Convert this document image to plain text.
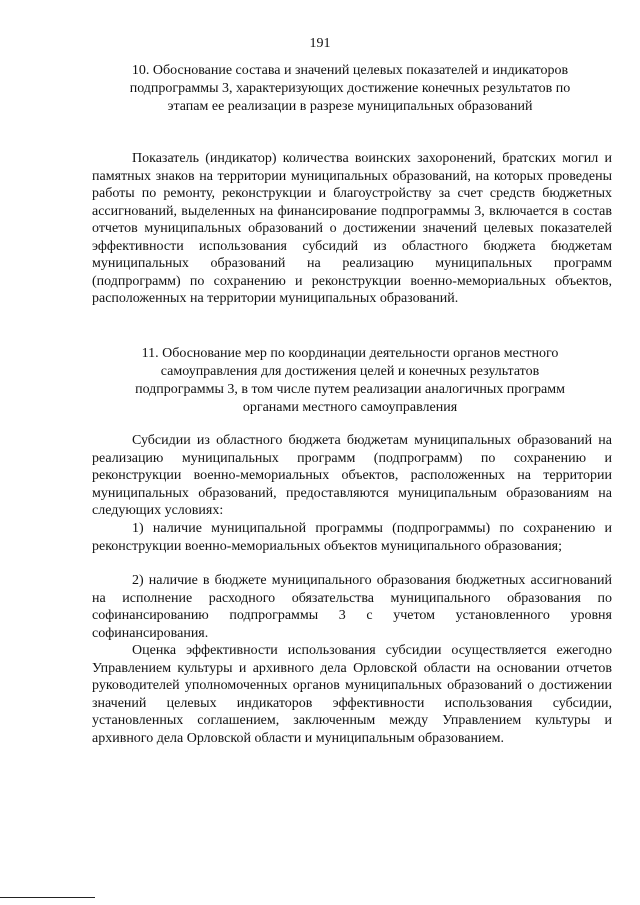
191
10. Обоснование состава и значений целевых показателей и индикаторов подпрограммы 3, характеризующих достижение конечных результатов по этапам ее реализации в разрезе муниципальных образований
Показатель (индикатор) количества воинских захоронений, братских могил и памятных знаков на территории муниципальных образований, на которых проведены работы по ремонту, реконструкции и благоустройству за счет средств бюджетных ассигнований, выделенных на финансирование подпрограммы 3, включается в состав отчетов муниципальных образований о достижении значений целевых показателей эффективности использования субсидий из областного бюджета бюджетам муниципальных образований на реализацию муниципальных программ (подпрограмм) по сохранению и реконструкции военно-мемориальных объектов, расположенных на территории муниципальных образований.
11. Обоснование мер по координации деятельности органов местного самоуправления для достижения целей и конечных результатов подпрограммы 3, в том числе путем реализации аналогичных программ органами местного самоуправления
Субсидии из областного бюджета бюджетам муниципальных образований на реализацию муниципальных программ (подпрограмм) по сохранению и реконструкции военно-мемориальных объектов, расположенных на территории муниципальных образований, предоставляются муниципальным образованиям на следующих условиях:
1) наличие муниципальной программы (подпрограммы) по сохранению и реконструкции военно-мемориальных объектов муниципального образования;
2) наличие в бюджете муниципального образования бюджетных ассигнований на исполнение расходного обязательства муниципального образования по софинансированию подпрограммы 3 с учетом установленного уровня софинансирования.
Оценка эффективности использования субсидии осуществляется ежегодно Управлением культуры и архивного дела Орловской области на основании отчетов руководителей уполномоченных органов муниципальных образований о достижении значений целевых индикаторов эффективности использования субсидии, установленных соглашением, заключенным между Управлением культуры и архивного дела Орловской области и муниципальным образованием.
